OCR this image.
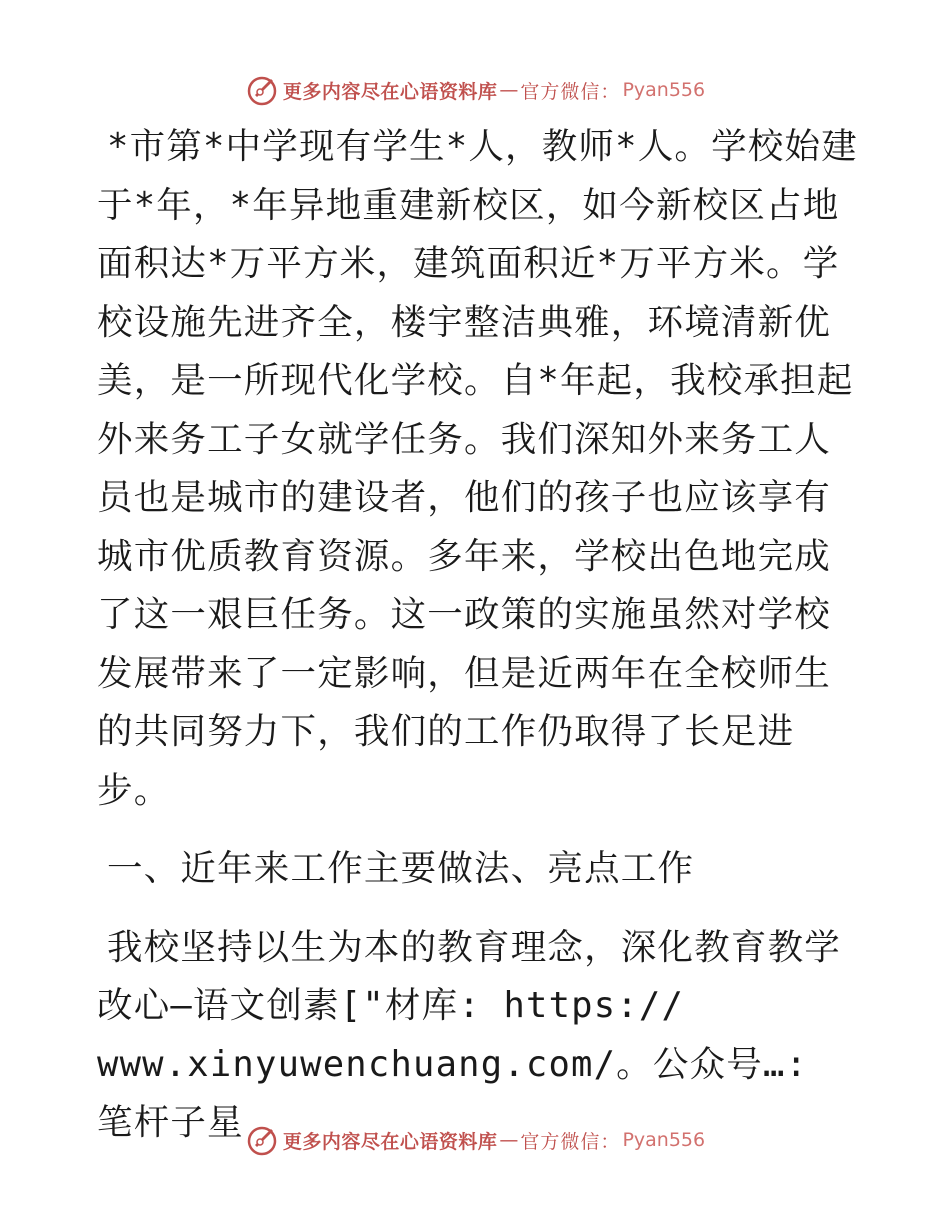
更多内容尽在心语资料库 — 官方微信： Pyan556

*市第*中学现有学生*人，教师*人。学校始建于*年，*年异地重建新校区，如今新校区占地面积达*万平方米，建筑面积近*万平方米。学校设施先进齐全，楼宇整洁典雅，环境清新优美，是一所现代化学校。自*年起，我校承担起外来务工子女就学任务。我们深知外来务工人员也是城市的建设者，他们的孩子也应该享有城市优质教育资源。多年来，学校出色地完成了这一艰巨任务。这一政策的实施虽然对学校发展带来了一定影响，但是近两年在全校师生的共同努力下，我们的工作仍取得了长足进步。

一、近年来工作主要做法、亮点工作

我校坚持以生为本的教育理念，深化教育教学改心—语文创素["材库: https:// www.xinyuwenchuang.com/。公众号…: 笔杆子星	更多内容尽在心语资料库 — 官方微信： Pyan556
